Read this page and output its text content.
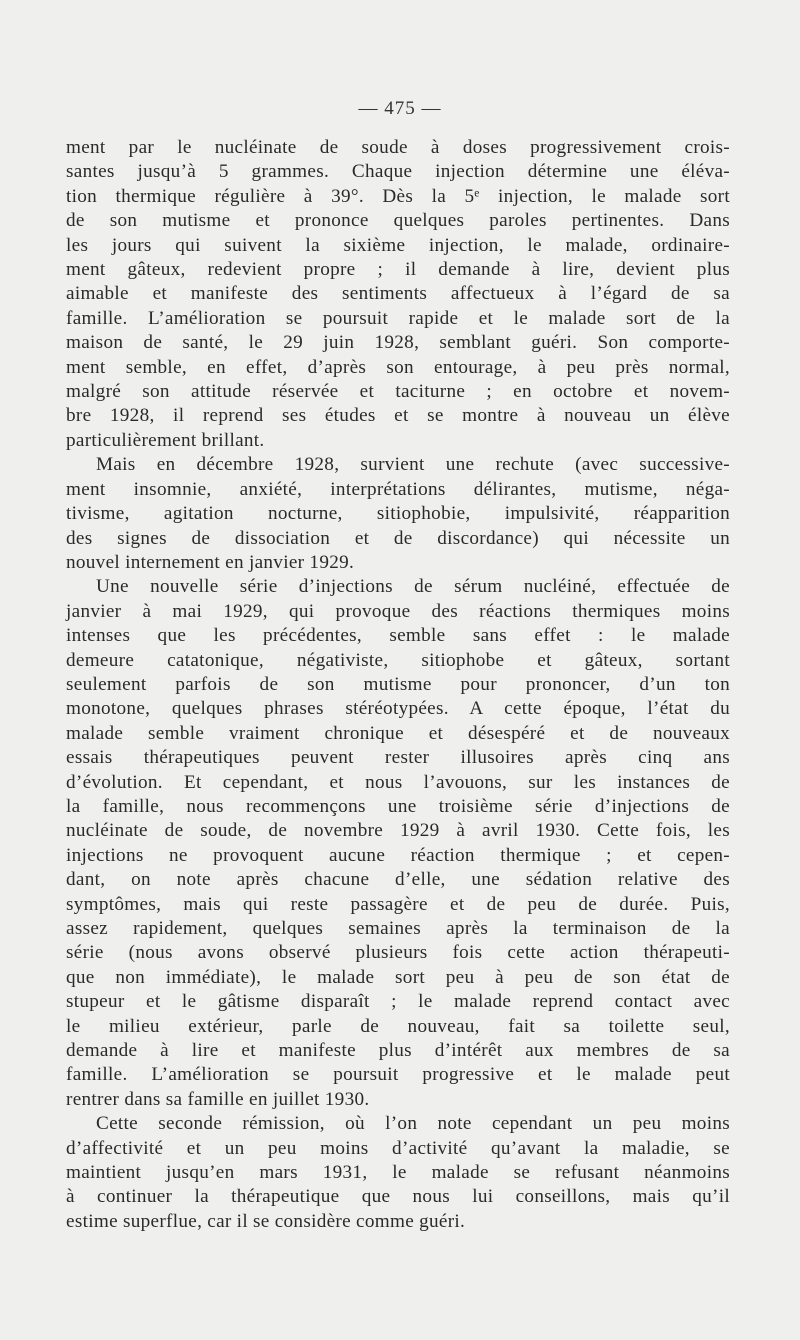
— 475 —

ment par le nucléinate de soude à doses progressivement crois-
santes jusqu’à 5 grammes. Chaque injection détermine une éléva-
tion thermique régulière à 39°. Dès la 5ᵉ injection, le malade sort
de son mutisme et prononce quelques paroles pertinentes. Dans
les jours qui suivent la sixième injection, le malade, ordinaire-
ment gâteux, redevient propre ; il demande à lire, devient plus
aimable et manifeste des sentiments affectueux à l’égard de sa
famille. L’amélioration se poursuit rapide et le malade sort de la
maison de santé, le 29 juin 1928, semblant guéri. Son comporte-
ment semble, en effet, d’après son entourage, à peu près normal,
malgré son attitude réservée et taciturne ; en octobre et novem-
bre 1928, il reprend ses études et se montre à nouveau un élève
particulièrement brillant.

Mais en décembre 1928, survient une rechute (avec successive-
ment insomnie, anxiété, interprétations délirantes, mutisme, néga-
tivisme, agitation nocturne, sitiophobie, impulsivité, réapparition
des signes de dissociation et de discordance) qui nécessite un
nouvel internement en janvier 1929.

Une nouvelle série d’injections de sérum nucléiné, effectuée de
janvier à mai 1929, qui provoque des réactions thermiques moins
intenses que les précédentes, semble sans effet : le malade
demeure catatonique, négativiste, sitiophobe et gâteux, sortant
seulement parfois de son mutisme pour prononcer, d’un ton
monotone, quelques phrases stéréotypées. A cette époque, l’état du
malade semble vraiment chronique et désespéré et de nouveaux
essais thérapeutiques peuvent rester illusoires après cinq ans
d’évolution. Et cependant, et nous l’avouons, sur les instances de
la famille, nous recommençons une troisième série d’injections de
nucléinate de soude, de novembre 1929 à avril 1930. Cette fois, les
injections ne provoquent aucune réaction thermique ; et cepen-
dant, on note après chacune d’elle, une sédation relative des
symptômes, mais qui reste passagère et de peu de durée. Puis,
assez rapidement, quelques semaines après la terminaison de la
série (nous avons observé plusieurs fois cette action thérapeuti-
que non immédiate), le malade sort peu à peu de son état de
stupeur et le gâtisme disparaît ; le malade reprend contact avec
le milieu extérieur, parle de nouveau, fait sa toilette seul,
demande à lire et manifeste plus d’intérêt aux membres de sa
famille. L’amélioration se poursuit progressive et le malade peut
rentrer dans sa famille en juillet 1930.

Cette seconde rémission, où l’on note cependant un peu moins
d’affectivité et un peu moins d’activité qu’avant la maladie, se
maintient jusqu’en mars 1931, le malade se refusant néanmoins
à continuer la thérapeutique que nous lui conseillons, mais qu’il
estime superflue, car il se considère comme guéri.
